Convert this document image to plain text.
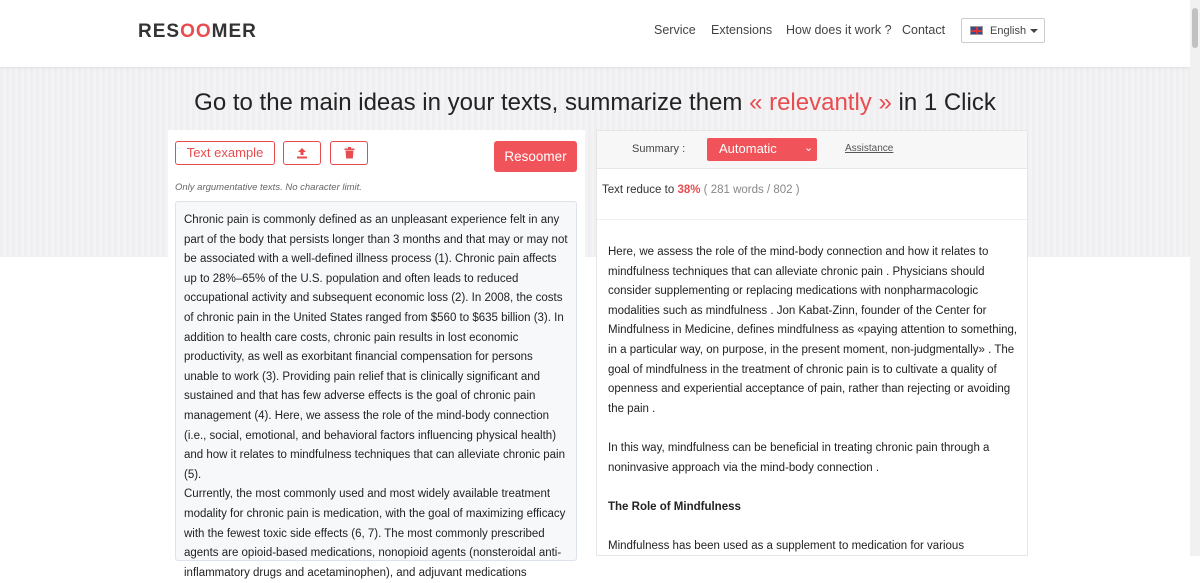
RESOOMER	Service Extensions How does it work ? Contact	English
Go to the main ideas in your texts, summarize them « relevantly » in 1 Click
Text example	Resoomer
Only argumentative texts. No character limit.
Chronic pain is commonly defined as an unpleasant experience felt in any part of the body that persists longer than 3 months and that may or may not be associated with a well-defined illness process (1). Chronic pain affects up to 28%–65% of the U.S. population and often leads to reduced occupational activity and subsequent economic loss (2). In 2008, the costs of chronic pain in the United States ranged from $560 to $635 billion (3). In addition to health care costs, chronic pain results in lost economic productivity, as well as exorbitant financial compensation for persons unable to work (3). Providing pain relief that is clinically significant and sustained and that has few adverse effects is the goal of chronic pain management (4). Here, we assess the role of the mind-body connection (i.e., social, emotional, and behavioral factors influencing physical health) and how it relates to mindfulness techniques that can alleviate chronic pain (5).
Currently, the most commonly used and most widely available treatment modality for chronic pain is medication, with the goal of maximizing efficacy with the fewest toxic side effects (6, 7). The most commonly prescribed agents are opioid-based medications, nonopioid agents (nonsteroidal anti-inflammatory drugs and acetaminophen), and adjuvant medications
Summary :	Automatic ⌄	Assistance
Text reduce to 38% ( 281 words / 802 )

Here, we assess the role of the mind-body connection and how it relates to mindfulness techniques that can alleviate chronic pain . Physicians should consider supplementing or replacing medications with nonpharmacologic modalities such as mindfulness . Jon Kabat-Zinn, founder of the Center for Mindfulness in Medicine, defines mindfulness as «paying attention to something, in a particular way, on purpose, in the present moment, non-judgmentally» . The goal of mindfulness in the treatment of chronic pain is to cultivate a quality of openness and experiential acceptance of pain, rather than rejecting or avoiding the pain .

In this way, mindfulness can be beneficial in treating chronic pain through a noninvasive approach via the mind-body connection .

The Role of Mindfulness

Mindfulness has been used as a supplement to medication for various
